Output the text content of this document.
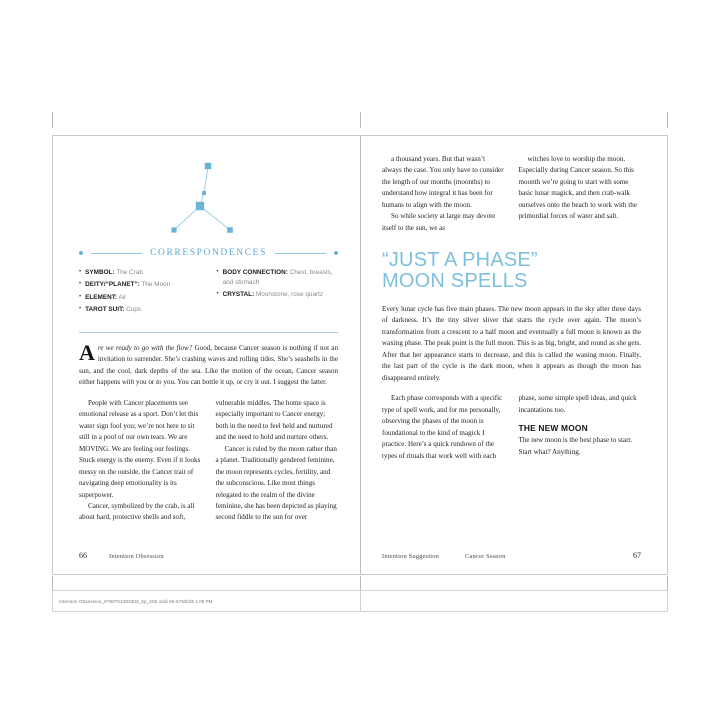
CORRESPONDENCES
• SYMBOL: The Crab
• DEITY/“PLANET”: The Moon
• ELEMENT: Air
• TAROT SUIT: Cups
• BODY CONNECTION: Chest, breasts, and stomach
• CRYSTAL: Moonstone, rose quartz

Are we ready to go with the flow? Good, because Cancer season is nothing if not an invitation to surrender. She’s crashing waves and rolling tides. She’s seashells in the sun, and the cool, dark depths of the sea. Like the motion of the ocean, Cancer season either happens with you or to you. You can bottle it up, or cry it out. I suggest the latter.

People with Cancer placements see emotional release as a sport. Don’t let this water sign fool you; we’re not here to sit still in a pool of our own tears. We are MOVING. We are feeling our feelings. Stuck energy is the enemy. Even if it looks messy on the outside, the Cancer trait of navigating deep emotionality is its superpower.

Cancer, symbolized by the crab, is all about hard, protective shells and soft, vulnerable middles. The home space is especially important to Cancer energy; both in the need to feel held and nurtured and the need to hold and nurture others.

Cancer is ruled by the moon rather than a planet. Traditionally gendered feminine, the moon represents cycles, fertility, and the subconscious. Like most things relegated to the realm of the divine feminine, she has been depicted as playing second fiddle to the sun for over

66	Intention Obsession

a thousand years. But that wasn’t always the case. You only have to consider the length of our months (moonths) to understand how integral it has been for humans to align with the moon.

So while society at large may devote itself to the sun, we as

witches love to worship the moon. Especially during Cancer season. So this moonth we’re going to start with some basic lunar magick, and then crab-walk ourselves onto the beach to work with the primordial forces of water and salt.

“JUST A PHASE”
MOON SPELLS

Every lunar cycle has five main phases. The new moon appears in the sky after three days of darkness. It’s the tiny silver sliver that starts the cycle over again. The moon’s transformation from a crescent to a half moon and eventually a full moon is known as the waxing phase. The peak point is the full moon. This is as big, bright, and round as she gets. After that her appearance starts to decrease, and this is called the waning moon. Finally, the last part of the cycle is the dark moon, when it appears as though the moon has disappeared entirely.

Each phase corresponds with a specific type of spell work, and for me personally, observing the phases of the moon is foundational to the kind of magick I practice. Here’s a quick rundown of the types of rituals that work well with each phase, some simple spell ideas, and quick incantations too.

THE NEW MOON

The new moon is the best phase to start. Start what? Anything.

Intention Suggestion	Cancer Season	67
Intention Obsession_9780762483303_5p_200.indd 66-67 5/5/26 1:05 PM
